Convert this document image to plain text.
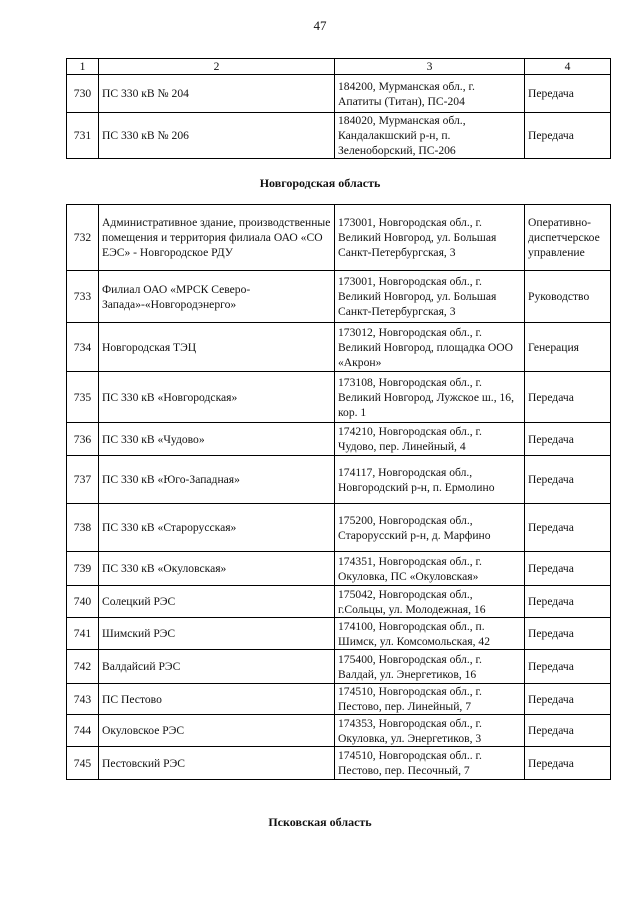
47
1	2	3	4
730	ПС 330 кВ № 204	184200, Мурманская обл., г. Апатиты (Титан), ПС-204	Передача
731	ПС 330 кВ № 206	184020, Мурманская обл., Кандалакшский р-н, п. Зеленоборский, ПС-206	Передача
Новгородская область
732	Административное здание, производственные помещения и территория филиала ОАО «СО ЕЭС» - Новгородское РДУ	173001, Новгородская обл., г. Великий Новгород, ул. Большая Санкт-Петербургская, 3	Оперативно-диспетчерское управление
733	Филиал ОАО «МРСК Северо-Запада»-«Новгородэнерго»	173001, Новгородская обл., г. Великий Новгород, ул. Большая Санкт-Петербургская, 3	Руководство
734	Новгородская ТЭЦ	173012, Новгородская обл., г. Великий Новгород, площадка ООО «Акрон»	Генерация
735	ПС 330 кВ «Новгородская»	173108, Новгородская обл., г. Великий Новгород, Лужское ш., 16, кор. 1	Передача
736	ПС 330 кВ «Чудово»	174210, Новгородская обл., г. Чудово, пер. Линейный, 4	Передача
737	ПС 330 кВ «Юго-Западная»	174117, Новгородская обл., Новгородский р-н, п. Ермолино	Передача
738	ПС 330 кВ «Старорусская»	175200, Новгородская обл., Старорусский р-н, д. Марфино	Передача
739	ПС 330 кВ «Окуловская»	174351, Новгородская обл., г. Окуловка, ПС «Окуловская»	Передача
740	Солецкий РЭС	175042, Новгородская обл., г.Сольцы, ул. Молодежная, 16	Передача
741	Шимский РЭС	174100, Новгородская обл., п. Шимск, ул. Комсомольская, 42	Передача
742	Валдайсий РЭС	175400, Новгородская обл., г. Валдай, ул. Энергетиков, 16	Передача
743	ПС Пестово	174510, Новгородская обл., г. Пестово, пер. Линейный, 7	Передача
744	Окуловское РЭС	174353, Новгородская обл., г. Окуловка, ул. Энергетиков, 3	Передача
745	Пестовский РЭС	174510, Новгородская обл.. г. Пестово, пер. Песочный, 7	Передача
Псковская область
